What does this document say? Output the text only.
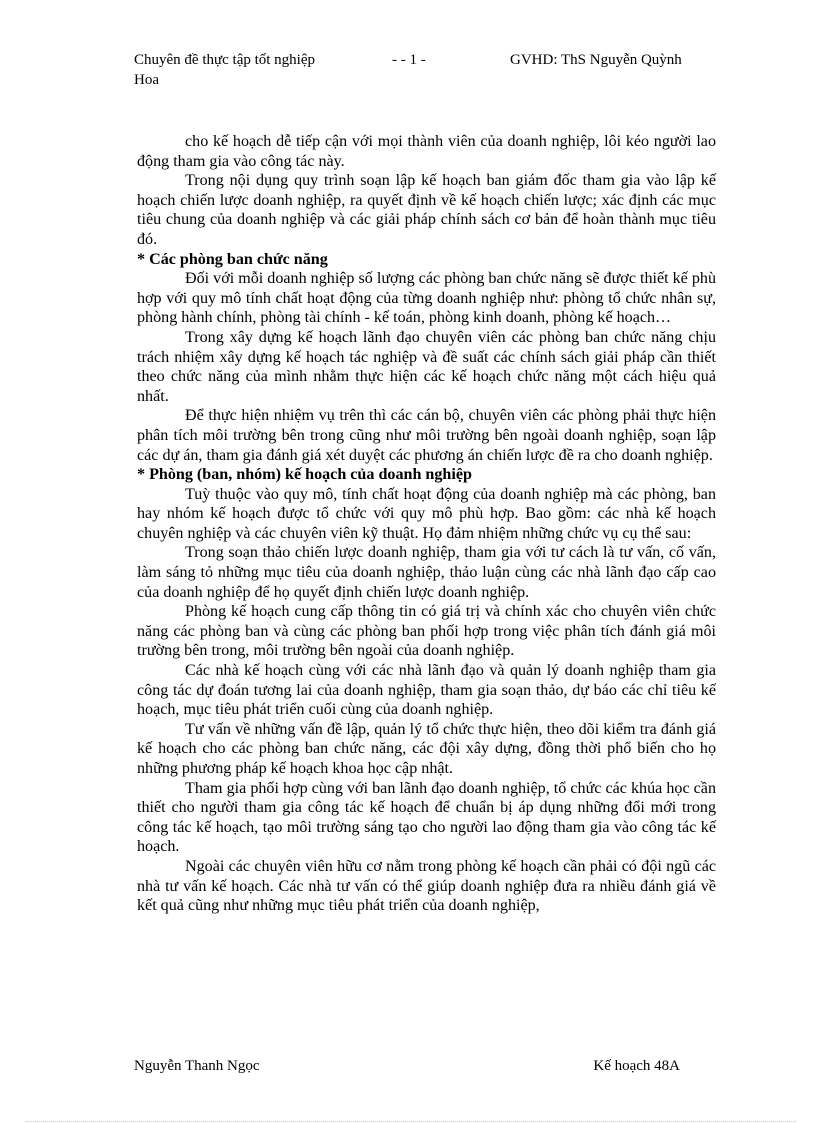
Chuyên đề thực tập tốt nghiệp	- - 1 -	GVHD: ThS Nguyễn Quỳnh
Hoa

cho kế hoạch dễ tiếp cận với mọi thành viên của doanh nghiệp, lôi kéo người lao động tham gia vào công tác này.

Trong nội dụng quy trình soạn lập kế hoạch ban giám đốc tham gia vào lập kế hoạch chiến lược doanh nghiệp, ra quyết định về kế hoạch chiến lược; xác định các mục tiêu chung của doanh nghiệp và các giải pháp chính sách cơ bản để hoàn thành mục tiêu đó.

* Các phòng ban chức năng

Đối với mỗi doanh nghiệp số lượng các phòng ban chức năng sẽ được thiết kế phù hợp với quy mô tính chất hoạt động của từng doanh nghiệp như: phòng tổ chức nhân sự, phòng hành chính, phòng tài chính - kế toán, phòng kinh doanh, phòng kế hoạch…

Trong xây dựng kế hoạch lãnh đạo chuyên viên các phòng ban chức năng chịu trách nhiệm xây dựng kế hoạch tác nghiệp và đề suất các chính sách giải pháp cần thiết theo chức năng của mình nhằm thực hiện các kế hoạch chức năng một cách hiệu quả nhất.

Để thực hiện nhiệm vụ trên thì các cán bộ, chuyên viên các phòng phải thực hiện phân tích môi trường bên trong cũng như môi trường bên ngoài doanh nghiệp, soạn lập các dự án, tham gia đánh giá xét duyệt các phương án chiến lược đề ra cho doanh nghiệp.

* Phòng (ban, nhóm) kế hoạch của doanh nghiệp

Tuỳ thuộc vào quy mô, tính chất hoạt động của doanh nghiệp mà các phòng, ban hay nhóm kế hoạch được tổ chức với quy mô phù hợp. Bao gồm: các nhà kế hoạch chuyên nghiệp và các chuyên viên kỹ thuật. Họ đảm nhiệm những chức vụ cụ thể sau:

Trong soạn thảo chiến lược doanh nghiệp, tham gia với tư cách là tư vấn, cố vấn, làm sáng tỏ những mục tiêu của doanh nghiệp, thảo luận cùng các nhà lãnh đạo cấp cao của doanh nghiệp để họ quyết định chiến lược doanh nghiệp.

Phòng kế hoạch cung cấp thông tin có giá trị và chính xác cho chuyên viên chức năng các phòng ban và cùng các phòng ban phối hợp trong việc phân tích đánh giá môi trường bên trong, môi trường bên ngoài của doanh nghiệp.

Các nhà kế hoạch cùng với các nhà lãnh đạo và quản lý doanh nghiệp tham gia công tác dự đoán tương lai của doanh nghiệp, tham gia soạn thảo, dự báo các chỉ tiêu kế hoạch, mục tiêu phát triển cuối cùng của doanh nghiệp.

Tư vấn về những vấn đề lập, quản lý tổ chức thực hiện, theo dõi kiểm tra đánh giá kế hoạch cho các phòng ban chức năng, các đội xây dựng, đồng thời phổ biến cho họ những phương pháp kế hoạch khoa học cập nhật.

Tham gia phối hợp cùng với ban lãnh đạo doanh nghiệp, tổ chức các khúa học cần thiết cho người tham gia công tác kế hoạch để chuẩn bị áp dụng những đổi mới trong công tác kế hoạch, tạo môi trường sáng tạo cho người lao động tham gia vào công tác kế hoạch.

Ngoài các chuyên viên hữu cơ nằm trong phòng kế hoạch cần phải có đội ngũ các nhà tư vấn kế hoạch. Các nhà tư vấn có thể giúp doanh nghiệp đưa ra nhiều đánh giá về kết quả cũng như những mục tiêu phát triển của doanh nghiệp,

Nguyễn Thanh Ngọc	Kế hoạch 48A
